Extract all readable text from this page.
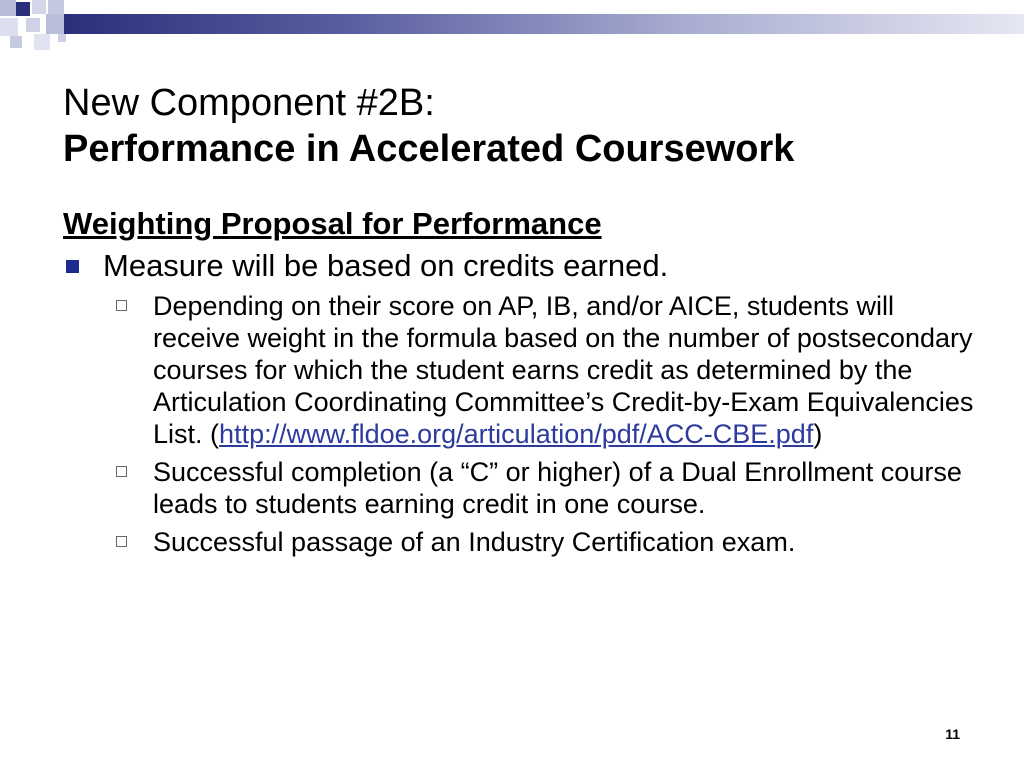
New Component #2B:
Performance in Accelerated Coursework
Weighting Proposal for Performance
Measure will be based on credits earned.
Depending on their score on AP, IB, and/or AICE, students will receive weight in the formula based on the number of postsecondary courses for which the student earns credit as determined by the Articulation Coordinating Committee’s Credit-by-Exam Equivalencies List. (http://www.fldoe.org/articulation/pdf/ACC-CBE.pdf)
Successful completion (a “C” or higher) of a Dual Enrollment course leads to students earning credit in one course.
Successful passage of an Industry Certification exam.
11
